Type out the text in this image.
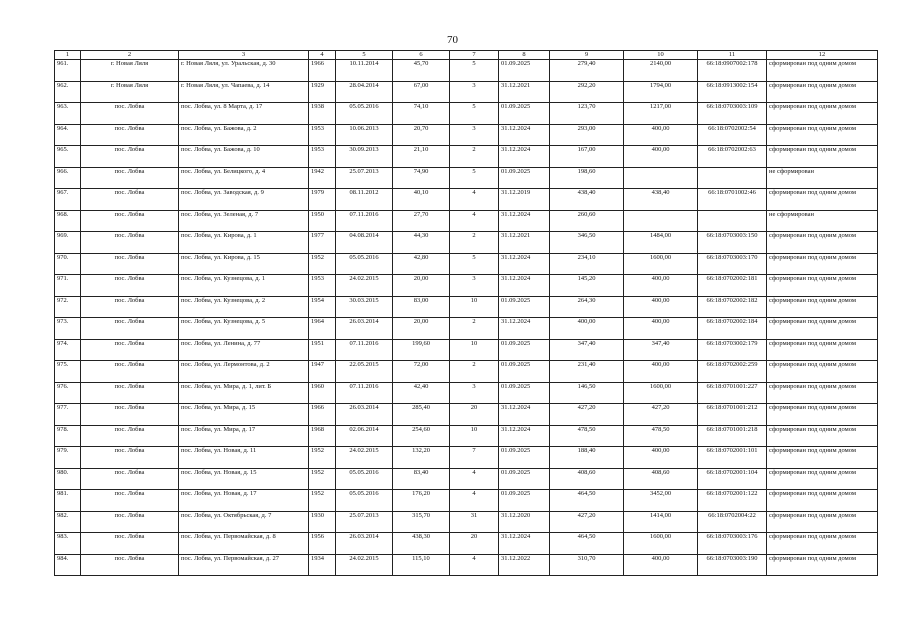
70
1	2	3	4	5	6	7	8	9	10	11	12
961.	г. Новая Ляля	г. Новая Ляля, ул. Уральская, д. 30	1966	10.11.2014	45,70	5	01.09.2025	279,40	2140,00	66:18:0907002:178	сформирован под одним домом
962.	г. Новая Ляля	г. Новая Ляля, ул. Чапаева, д. 14	1929	28.04.2014	67,00	3	31.12.2021	292,20	1794,00	66:18:0913002:154	сформирован под одним домом
963.	пос. Лобва	пос. Лобва, ул. 8 Марта, д. 17	1938	05.05.2016	74,10	5	01.09.2025	123,70	1217,00	66:18:0703003:109	сформирован под одним домом
964.	пос. Лобва	пос. Лобва, ул. Бажова, д. 2	1953	10.06.2013	20,70	3	31.12.2024	293,00	400,00	66:18:0702002:54	сформирован под одним домом
965.	пос. Лобва	пос. Лобва, ул. Бажова, д. 10	1953	30.09.2013	21,10	2	31.12.2024	167,00	400,00	66:18:0702002:63	сформирован под одним домом
966.	пос. Лобва	пос. Лобва, ул. Белицкого, д. 4	1942	25.07.2013	74,90	5	01.09.2025	198,60			не сформирован
967.	пос. Лобва	пос. Лобва, ул. Заводская, д. 9	1979	08.11.2012	40,10	4	31.12.2019	438,40	438,40	66:18:0701002:46	сформирован под одним домом
968.	пос. Лобва	пос. Лобва, ул. Зеленая, д. 7	1950	07.11.2016	27,70	4	31.12.2024	260,60			не сформирован
969.	пос. Лобва	пос. Лобва, ул. Кирова, д. 1	1977	04.08.2014	44,30	2	31.12.2021	346,50	1484,00	66:18:0703003:150	сформирован под одним домом
970.	пос. Лобва	пос. Лобва, ул. Кирова, д. 15	1952	05.05.2016	42,80	5	31.12.2024	234,10	1600,00	66:18:0703003:170	сформирован под одним домом
971.	пос. Лобва	пос. Лобва, ул. Кузнецова, д. 1	1953	24.02.2015	20,00	3	31.12.2024	145,20	400,00	66:18:0702002:181	сформирован под одним домом
972.	пос. Лобва	пос. Лобва, ул. Кузнецова, д. 2	1954	30.03.2015	83,00	10	01.09.2025	264,30	400,00	66:18:0702002:182	сформирован под одним домом
973.	пос. Лобва	пос. Лобва, ул. Кузнецова, д. 5	1964	26.03.2014	20,00	2	31.12.2024	400,00	400,00	66:18:0702002:184	сформирован под одним домом
974.	пос. Лобва	пос. Лобва, ул. Ленина, д. 77	1951	07.11.2016	199,60	10	01.09.2025	347,40	347,40	66:18:0703002:179	сформирован под одним домом
975.	пос. Лобва	пос. Лобва, ул. Лермонтова, д. 2	1947	22.05.2015	72,00	2	01.09.2025	231,40	400,00	66:18:0702002:259	сформирован под одним домом
976.	пос. Лобва	пос. Лобва, ул. Мира, д. 1, лит. Б	1960	07.11.2016	42,40	3	01.09.2025	146,50	1600,00	66:18:0701001:227	сформирован под одним домом
977.	пос. Лобва	пос. Лобва, ул. Мира, д. 15	1966	26.03.2014	285,40	20	31.12.2024	427,20	427,20	66:18:0701001:212	сформирован под одним домом
978.	пос. Лобва	пос. Лобва, ул. Мира, д. 17	1968	02.06.2014	254,60	10	31.12.2024	478,50	478,50	66:18:0701001:218	сформирован под одним домом
979.	пос. Лобва	пос. Лобва, ул. Новая, д. 11	1952	24.02.2015	132,20	7	01.09.2025	188,40	400,00	66:18:0702001:101	сформирован под одним домом
980.	пос. Лобва	пос. Лобва, ул. Новая, д. 15	1952	05.05.2016	83,40	4	01.09.2025	408,60	408,60	66:18:0702001:104	сформирован под одним домом
981.	пос. Лобва	пос. Лобва, ул. Новая, д. 17	1952	05.05.2016	176,20	4	01.09.2025	464,50	3452,00	66:18:0702001:122	сформирован под одним домом
982.	пос. Лобва	пос. Лобва, ул. Октябрьская, д. 7	1930	25.07.2013	315,70	31	31.12.2020	427,20	1414,00	66:18:0702004:22	сформирован под одним домом
983.	пос. Лобва	пос. Лобва, ул. Первомайская, д. 8	1956	26.03.2014	438,30	20	31.12.2024	464,50	1600,00	66:18:0703003:176	сформирован под одним домом
984.	пос. Лобва	пос. Лобва, ул. Первомайская, д. 27	1934	24.02.2015	115,10	4	31.12.2022	310,70	400,00	66:18:0703003:190	сформирован под одним домом
